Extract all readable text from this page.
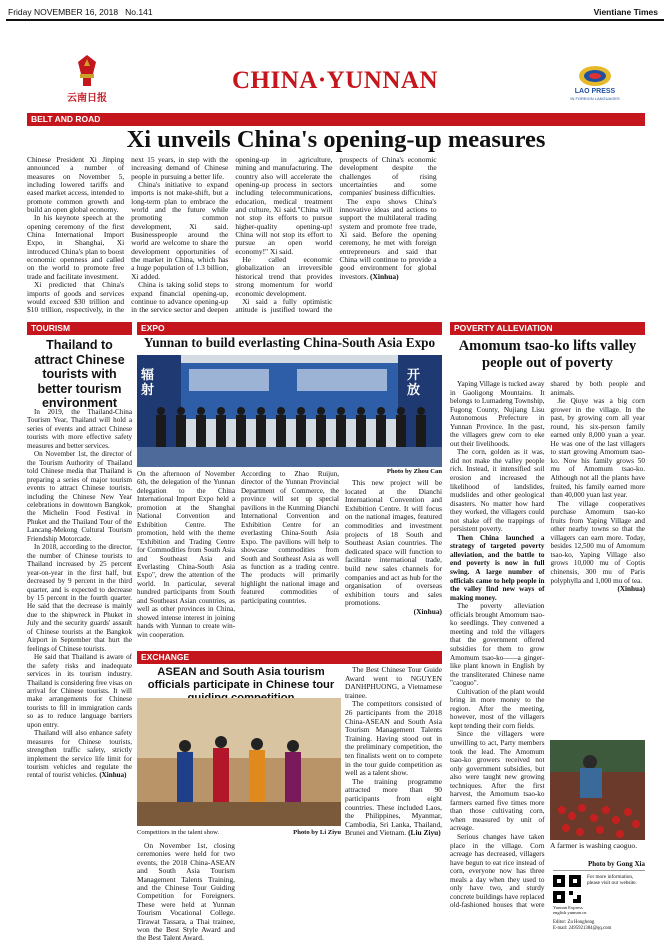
Friday NOVEMBER 16, 2018 No.141	Vientiane Times
云南日报
CHINA·YUNNAN	LAO PRESS
IN FOREIGN LANGUAGES
BELT AND ROAD
Xi unveils China's opening-up measures

Chinese President Xi Jinping announced a number of measures on November 5, including lowered tariffs and eased market access, intended to promote common growth and build an open global economy.

In his keynote speech at the opening ceremony of the first China International Import Expo, in Shanghai, Xi introduced China's plan to boost economic openness and called on the world to promote free trade and facilitate investment.

Xi predicted that China's imports of goods and services would exceed $30 trillion and $10 trillion, respectively, in the next 15 years, in step with the increasing demand of Chinese people in pursuing a better life.

China's initiative to expand imports is not make-shift, but a long-term plan to embrace the world and the future while promoting common development, Xi said. Businesspeople around the world are welcome to share the development opportunities of the market in China, which has a huge population of 1.3 billion, Xi added.

China is taking solid steps to expand financial opening-up, continue to advance opening-up in the service sector and deepen opening-up in agriculture, mining and manufacturing. The country also will accelerate the opening-up process in sectors including telecommunications, education, medical treatment and culture, Xi said."China will not stop its efforts to pursue higher-quality opening-up! China will not stop its effort to pursue an open world economy!" Xi said.

He called economic globalization an irreversible historical trend that provides strong momentum for world economic development.

Xi said a fully optimistic attitude is justified toward the prospects of China's economic development despite the challenges of rising uncertainties and some companies' business difficulties.

The expo shows China's innovative ideas and actions to support the multilateral trading system and promote free trade, Xi said. Before the opening ceremony, he met with foreign entrepreneurs and said that China will continue to provide a good environment for global investors. (Xinhua)

TOURISM
Thailand to attract Chinese tourists with better tourism environment

In 2019, the Thailand-China Tourism Year, Thailand will hold a series of events and attract Chinese tourists with more effective safety measures and better services.

On November 1st, the director of the Tourism Authority of Thailand told Chinese media that Thailand is preparing a series of major tourism events to attract Chinese tourists, including the Chinese New Year celebrations in downtown Bangkok, the Michelin Food Festival in Phuket and the Thailand Tour of the Lancang-Mekong Cultural Tourism Friendship Motorcade.

In 2018, according to the director, the number of Chinese tourists to Thailand increased by 25 percent year-on-year in the first half, but decreased by 9 percent in the third quarter, and is expected to decrease by 15 percent in the fourth quarter. He said that the decrease is mainly due to the shipwreck in Phuket in July and the security guards' assault of Chinese tourists at the Bangkok Airport in September that hurt the feelings of Chinese tourists.

He said that Thailand is aware of the safety risks and inadequate services in its tourism industry. Thailand is considering free visas on arrival for Chinese tourists. It will make arrangements for Chinese tourists to fill in immigration cards so as to reduce language barriers upon entry.

Thailand will also enhance safety measures for Chinese tourists, strengthen traffic safety, strictly implement the service life limit for tourism vehicles and regulate the rental of tourist vehicles. (Xinhua)

EXPO
Yunnan to build everlasting China-South Asia Expo
辐射
开放

On the afternoon of November 6th, the delegation of the Yunnan delegation to the China International Import Expo held a promotion at the Shanghai National Convention and Exhibition Centre. The promotion, held with the theme "Exhibition and Trading Centre for Commodities from South Asia and Southeast Asia and Everlasting China-South Asia Expo", drew the attention of the world. In particular, several hundred participants from South and Southeast Asian countries, as well as other provinces in China, showed intense interest in joining hands with Yunnan to create win-win cooperation.

According to Zhao Ruijun, director of the Yunnan Provincial Department of Commerce, the province will set up special pavilions in the Kunming Dianchi International Convention and Exhibition Centre for an everlasting China-South Asia Expo. The pavilions will help to showcase commodities from South and Southeast Asia as well as function as a trading centre. The products will primarily highlight the national image and featured commodities of participating countries.

Photo by Zhou Can

This new project will be located at the Dianchi International Convention and Exhibition Centre. It will focus on the national images, featured commodities and investment projects of 18 South and Southeast Asian countries. The dedicated space will function to facilitate international trade, build new sales channels for companies and act as hub for the organisation of overseas exhibition tours and sales promotions.

(Xinhua)

EXCHANGE
ASEAN and South Asia tourism officials participate in Chinese tour
Competitors in the talent show.	Photo by Li Ziyu

On November 1st, closing ceremonies were held for two events, the 2018 China-ASEAN and South Asia Tourism Management Talents Training, and the Chinese Tour Guiding Competition for Foreigners. These were held at Yunnan Tourism Vocational College. Tirawat Tassara, a Thai trainee, won the Best Style Award and the Best Talent Award.

The Best Chinese Tour Guide Award went to NGUYEN DANHPHUONG, a Vietnamese trainee.

The competitors consisted of 26 participants from the 2018 China-ASEAN and South Asia Tourism Management Talents Training. Having stood out in the preliminary competition, the ten finalists went on to compete in the tour guide competition as well as a talent show.

The training programme attracted more than 90 participants from eight countries. These included Laos, the Philippines, Myanmar, Cambodia, Sri Lanka, Thailand, Brunei and Vietnam. (Liu Ziyu)

POVERTY ALLEVIATION
Amomum tsao-ko lifts valley people out of poverty

Yaping Village is tucked away in Gaoligong Mountains. It belongs to Lumadeng Township, Fugong County, Nujiang Lisu Autonomous Prefecture in Yunnan Province. In the past, the villagers grew corn to eke out their livelihoods.

The corn, golden as it was, did not make the valley people rich. Instead, it intensified soil erosion and increased the likelihood of landslides, mudslides and other geological disasters. No matter how hard they worked, the villagers could not shake off the trappings of persistent poverty.

Then China launched a strategy of targeted poverty alleviation, and the battle to end poverty is now in full swing. A large number of officials came to help people in the valley find new ways of making money.

The poverty alleviation officials brought Amomum tsao-ko seedlings. They convened a meeting and told the villagers that the government offered subsidies for them to grow Amomum tsao-ko——a ginger-like plant known in English by the transliterated Chinese name "caoguo".

Cultivation of the plant would bring in more money to the region. After the meeting, however, most of the villagers kept tending their corn fields.

Since the villagers were unwilling to act, Party members took the lead. The Amomum tsao-ko growers received not only government subsidies, but also were taught new growing techniques. After the first harvest, the Amomum tsao-ko farmers earned five times more than those cultivating corn, when measured by unit of acreage.

Serious changes have taken place in the village. Corn acreage has decreased, villagers have begun to eat rice instead of corn, everyone now has three meals a day when they used to only have two, and sturdy concrete buildings have replaced old-fashioned houses that were shared by both people and animals.

Jie Qiuye was a big corn grower in the village. In the past, by growing corn all year round, his six-person family earned only 8,000 yuan a year. He was one of the last villagers to start growing Amomum tsao-ko. Now his family grows 50 mu of Amomum tsao-ko. Although not all the plants have fruited, his family earned more than 40,000 yuan last year.

The village cooperatives purchase Amomum tsao-ko fruits from Yaping Village and other nearby towns so that the villagers can earn more. Today, besides 12,500 mu of Amomum tsao-ko, Yaping Village also grows 10,000 mu of Coptis chinensis, 300 mu of Paris polyphylla and 1,000 mu of tea.

(Xinhua)

A farmer is washing caoguo.
Photo by Gong Xia
For more information, please visit our website.
Yunnan Express
english.yunnan.cn
Editor: Zu Honghong
E-mail: 2495921384@qq.com
